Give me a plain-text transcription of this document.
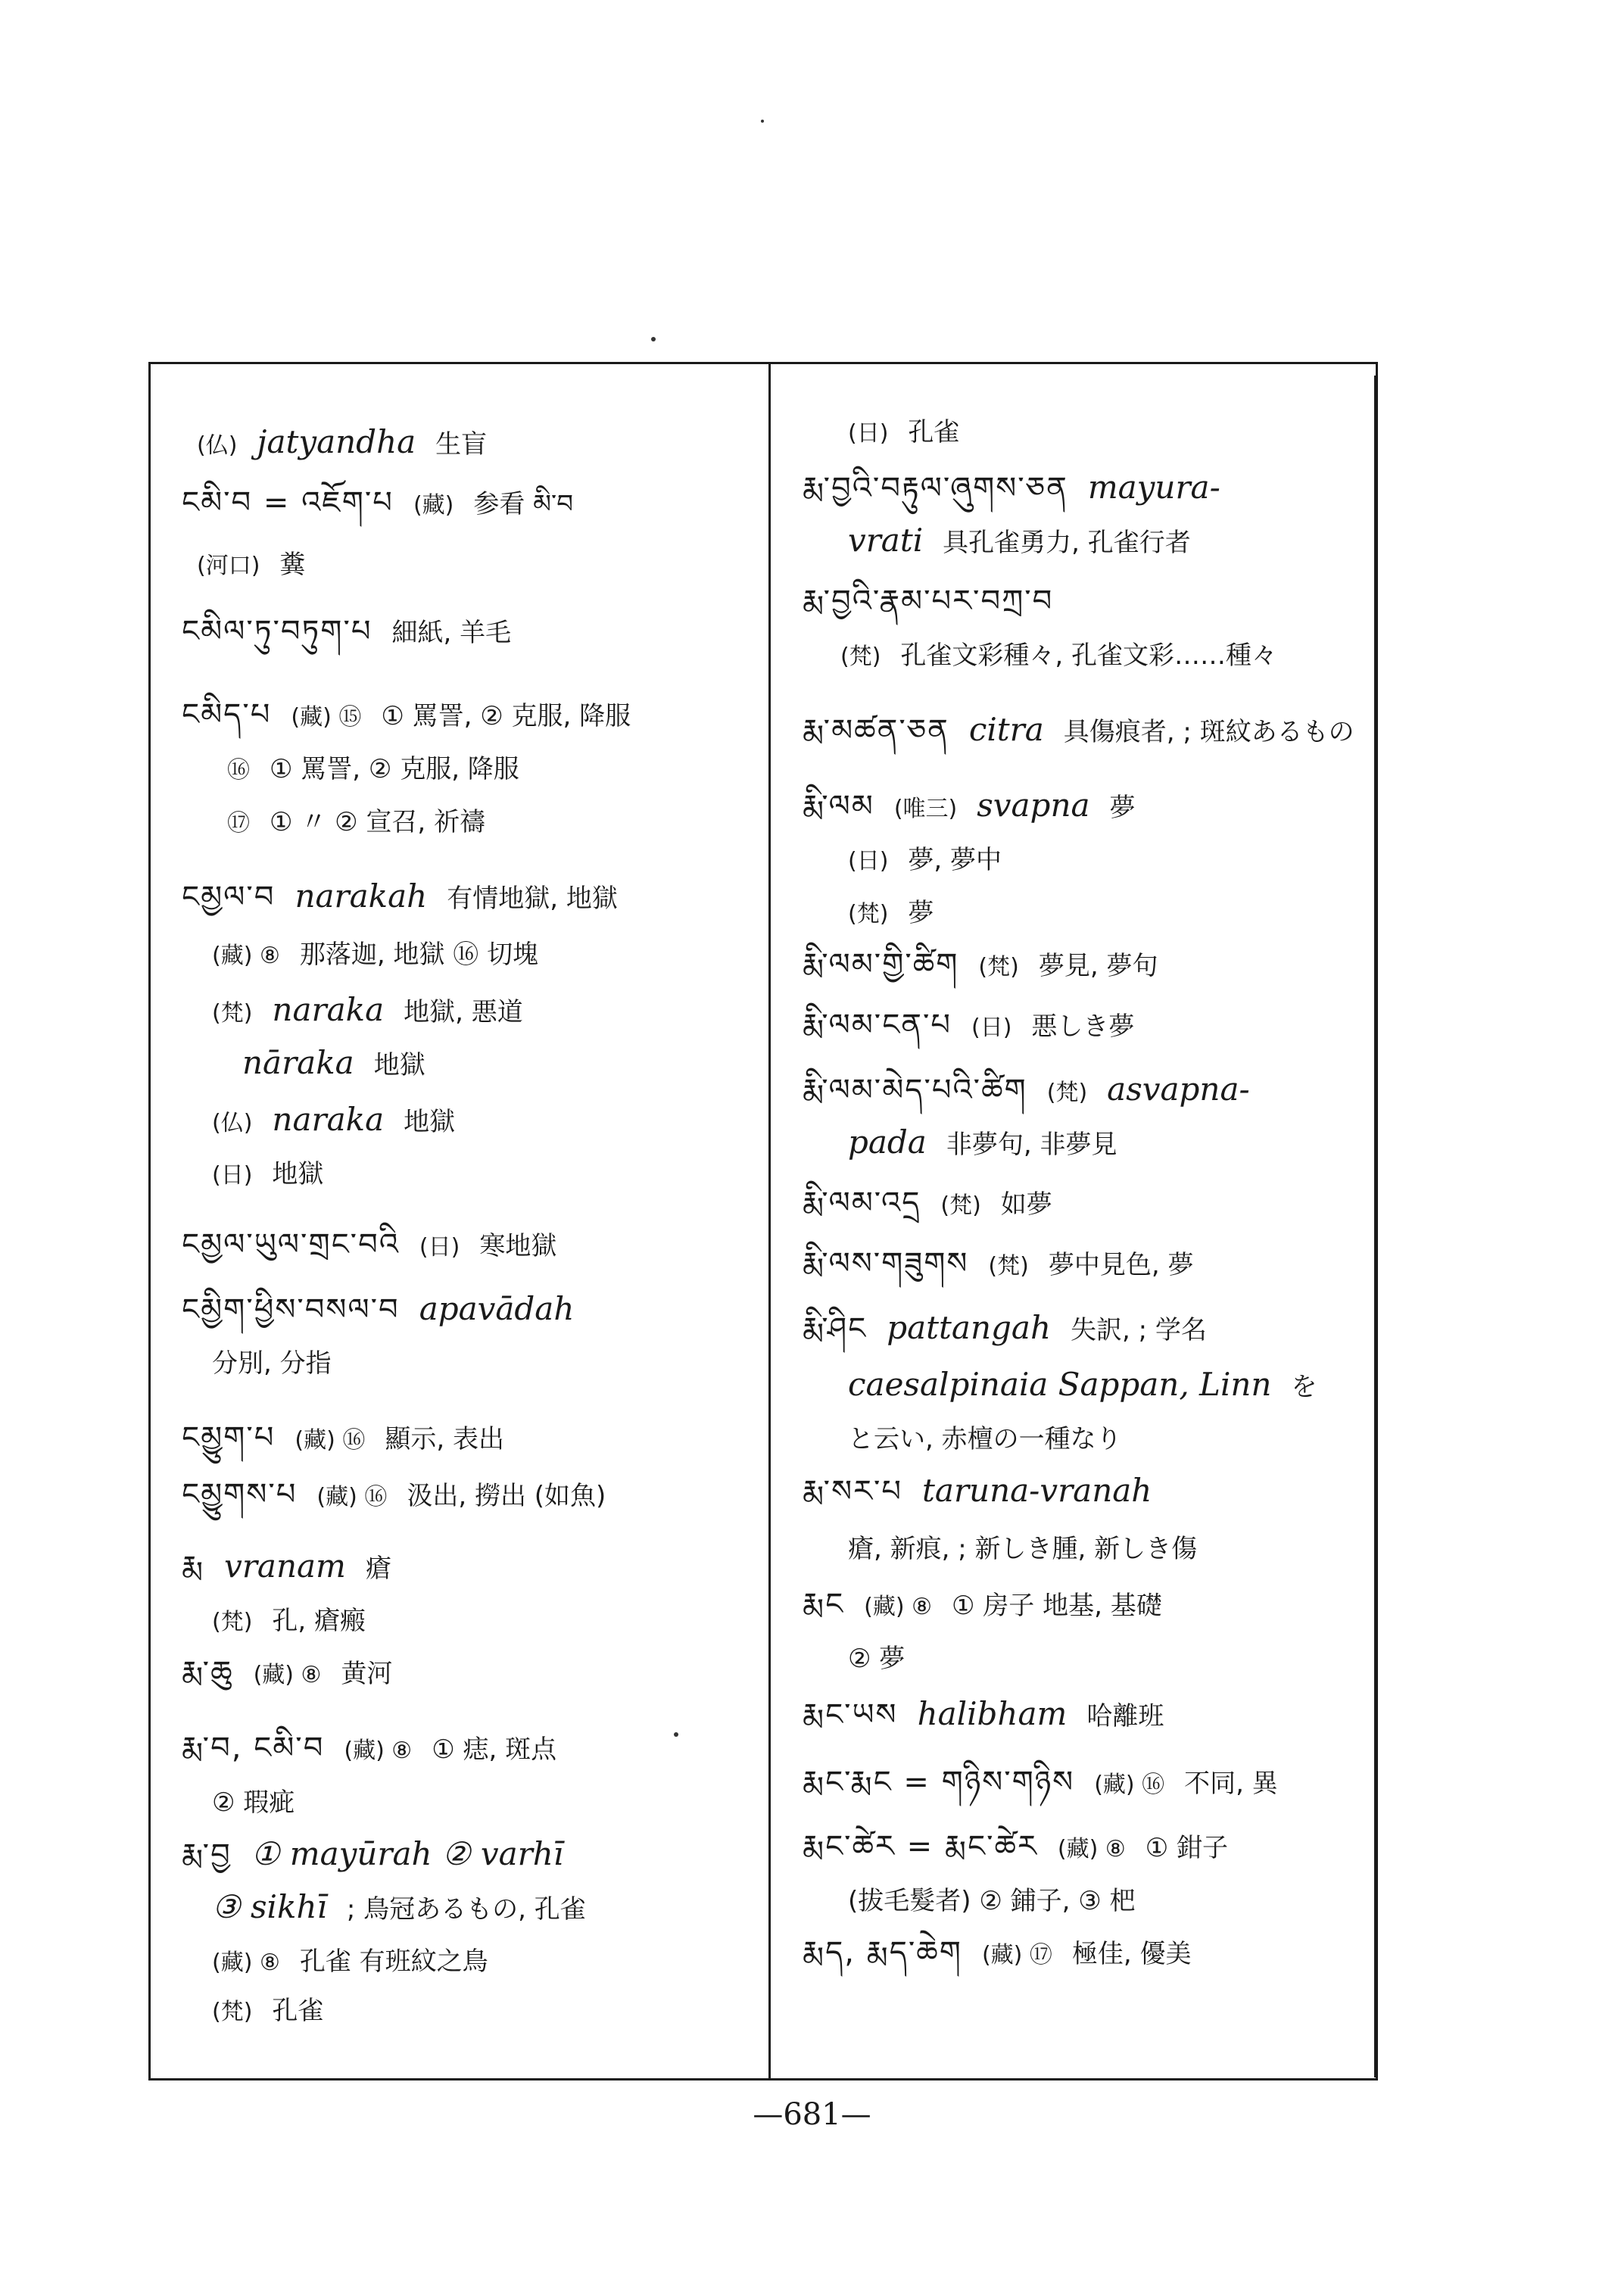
(仏) jatyandha 生盲
ངམི་བ = འཇོག་པ (藏) 参看 མི་བ
(河口) 糞
ངམིལ་ཏུ་བཏུག་པ 細紙, 羊毛
ངམིད་པ (藏) ⑮ ① 罵詈, ② 克服, 降服
⑯ ① 罵詈, ② 克服, 降服
⑰ ① 〃 ② 宣召, 祈禱
ངམྱལ་བ narakah 有情地獄, 地獄
(藏) ⑧ 那落迦, 地獄 ⑯ 切塊
(梵) naraka 地獄, 悪道
nāraka 地獄
(仏) naraka 地獄
(日) 地獄
ངམྱལ་ཡུལ་གྲང་བའི (日) 寒地獄
ངམྱིག་ཕྱིས་བསལ་བ apavādah
分別, 分指
ངམྱུག་པ (藏) ⑯ 顯示, 表出
ངམྱུགས་པ (藏) ⑯ 汲出, 撈出 (如魚)
རྨ vranam 瘡
(梵) 孔, 瘡瘢
རྨ་ཆུ (藏) ⑧ 黄河
རྨ་བ, ངམི་བ (藏) ⑧ ① 痣, 斑点
② 瑕疵
རྨ་བྱ ① mayūrah ② varhī
③ sikhī ; 鳥冠あるもの, 孔雀
(藏) ⑧ 孔雀 有班紋之鳥
(梵) 孔雀
(日) 孔雀
རྨ་བྱའི་བརྟུལ་ཞུགས་ཅན mayura-
vrati 具孔雀勇力, 孔雀行者
རྨ་བྱའི་རྣམ་པར་བཀྲ་བ
(梵) 孔雀文彩種々, 孔雀文彩……種々
རྨ་མཚན་ཅན citra 具傷痕者, ; 斑紋あるもの
རྨི་ལམ (唯三) svapna 夢
(日) 夢, 夢中
(梵) 夢
རྨི་ལམ་གྱི་ཚིག (梵) 夢見, 夢句
རྨི་ལམ་ངན་པ (日) 悪しき夢
རྨི་ལམ་མེད་པའི་ཚིག (梵) asvapna-
pada 非夢句, 非夢見
རྨི་ལམ་འདྲ (梵) 如夢
རྨི་ལས་གཟུགས (梵) 夢中見色, 夢
རྨི་ཤིང pattangah 失訳, ; 学名
caesalpinaia Sappan, Linn を
と云い, 赤檀の一種なり
རྨ་སར་པ taruna-vranah
瘡, 新痕, ; 新しき腫, 新しき傷
རྨང (藏) ⑧ ① 房子 地基, 基礎
② 夢
རྨང་ཡས halibham 哈離班
རྨང་རྨང = གཉིས་གཉིས (藏) ⑯ 不同, 異
རྨང་ཚེར = རྨང་ཚེར (藏) ⑧ ① 鉗子
(拔毛髮者) ② 鋪子, ③ 杷
རྨད, རྨད་ཆེག (藏) ⑰ 極佳, 優美
—681—
